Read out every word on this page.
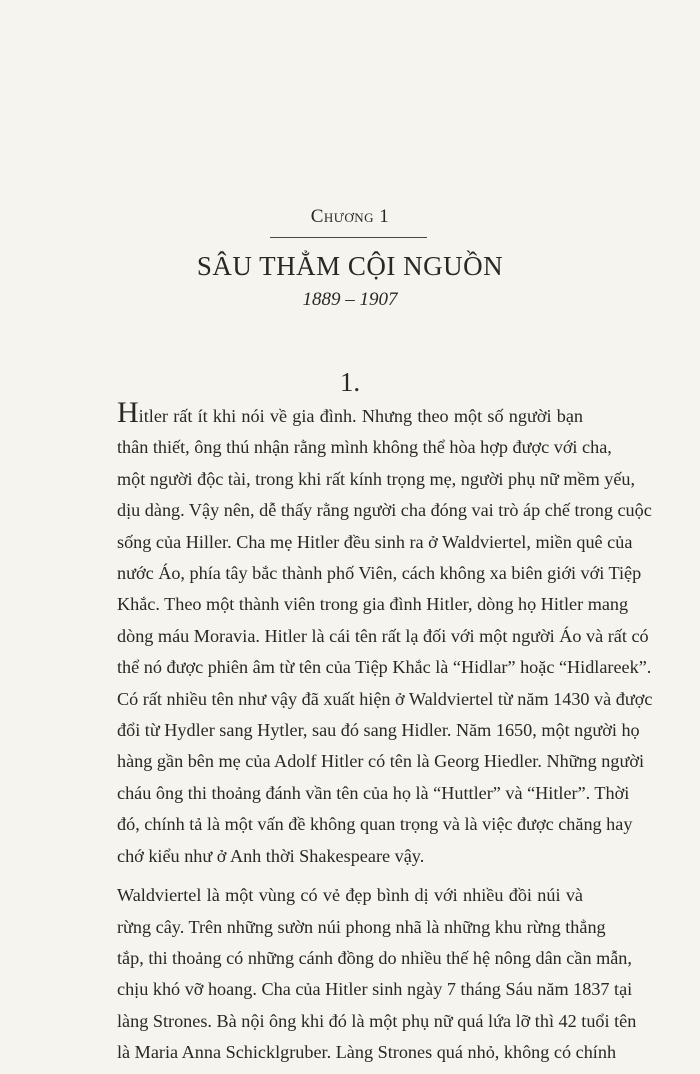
Chương 1
SÂU THẲM CỘI NGUỒN
1889 – 1907
1.

Hitler rất ít khi nói về gia đình. Nhưng theo một số người bạn
thân thiết, ông thú nhận rằng mình không thể hòa hợp được với cha,
một người độc tài, trong khi rất kính trọng mẹ, người phụ nữ mềm yếu,
dịu dàng. Vậy nên, dễ thấy rằng người cha đóng vai trò áp chế trong cuộc
sống của Hiller. Cha mẹ Hitler đều sinh ra ở Waldviertel, miền quê của
nước Áo, phía tây bắc thành phố Viên, cách không xa biên giới với Tiệp
Khắc. Theo một thành viên trong gia đình Hitler, dòng họ Hitler mang
dòng máu Moravia. Hitler là cái tên rất lạ đối với một người Áo và rất có
thể nó được phiên âm từ tên của Tiệp Khắc là “Hidlar” hoặc “Hidlareek”.
Có rất nhiều tên như vậy đã xuất hiện ở Waldviertel từ năm 1430 và được
đổi từ Hydler sang Hytler, sau đó sang Hidler. Năm 1650, một người họ
hàng gần bên mẹ của Adolf Hitler có tên là Georg Hiedler. Những người
cháu ông thi thoảng đánh vần tên của họ là “Huttler” và “Hitler”. Thời
đó, chính tả là một vấn đề không quan trọng và là việc được chăng hay
chớ kiểu như ở Anh thời Shakespeare vậy.

Waldviertel là một vùng có vẻ đẹp bình dị với nhiều đồi núi và
rừng cây. Trên những sườn núi phong nhã là những khu rừng thẳng
tắp, thi thoảng có những cánh đồng do nhiều thế hệ nông dân cần mẫn,
chịu khó vỡ hoang. Cha của Hitler sinh ngày 7 tháng Sáu năm 1837 tại
làng Strones. Bà nội ông khi đó là một phụ nữ quá lứa lỡ thì 42 tuổi tên
là Maria Anna Schicklgruber. Làng Strones quá nhỏ, không có chính
